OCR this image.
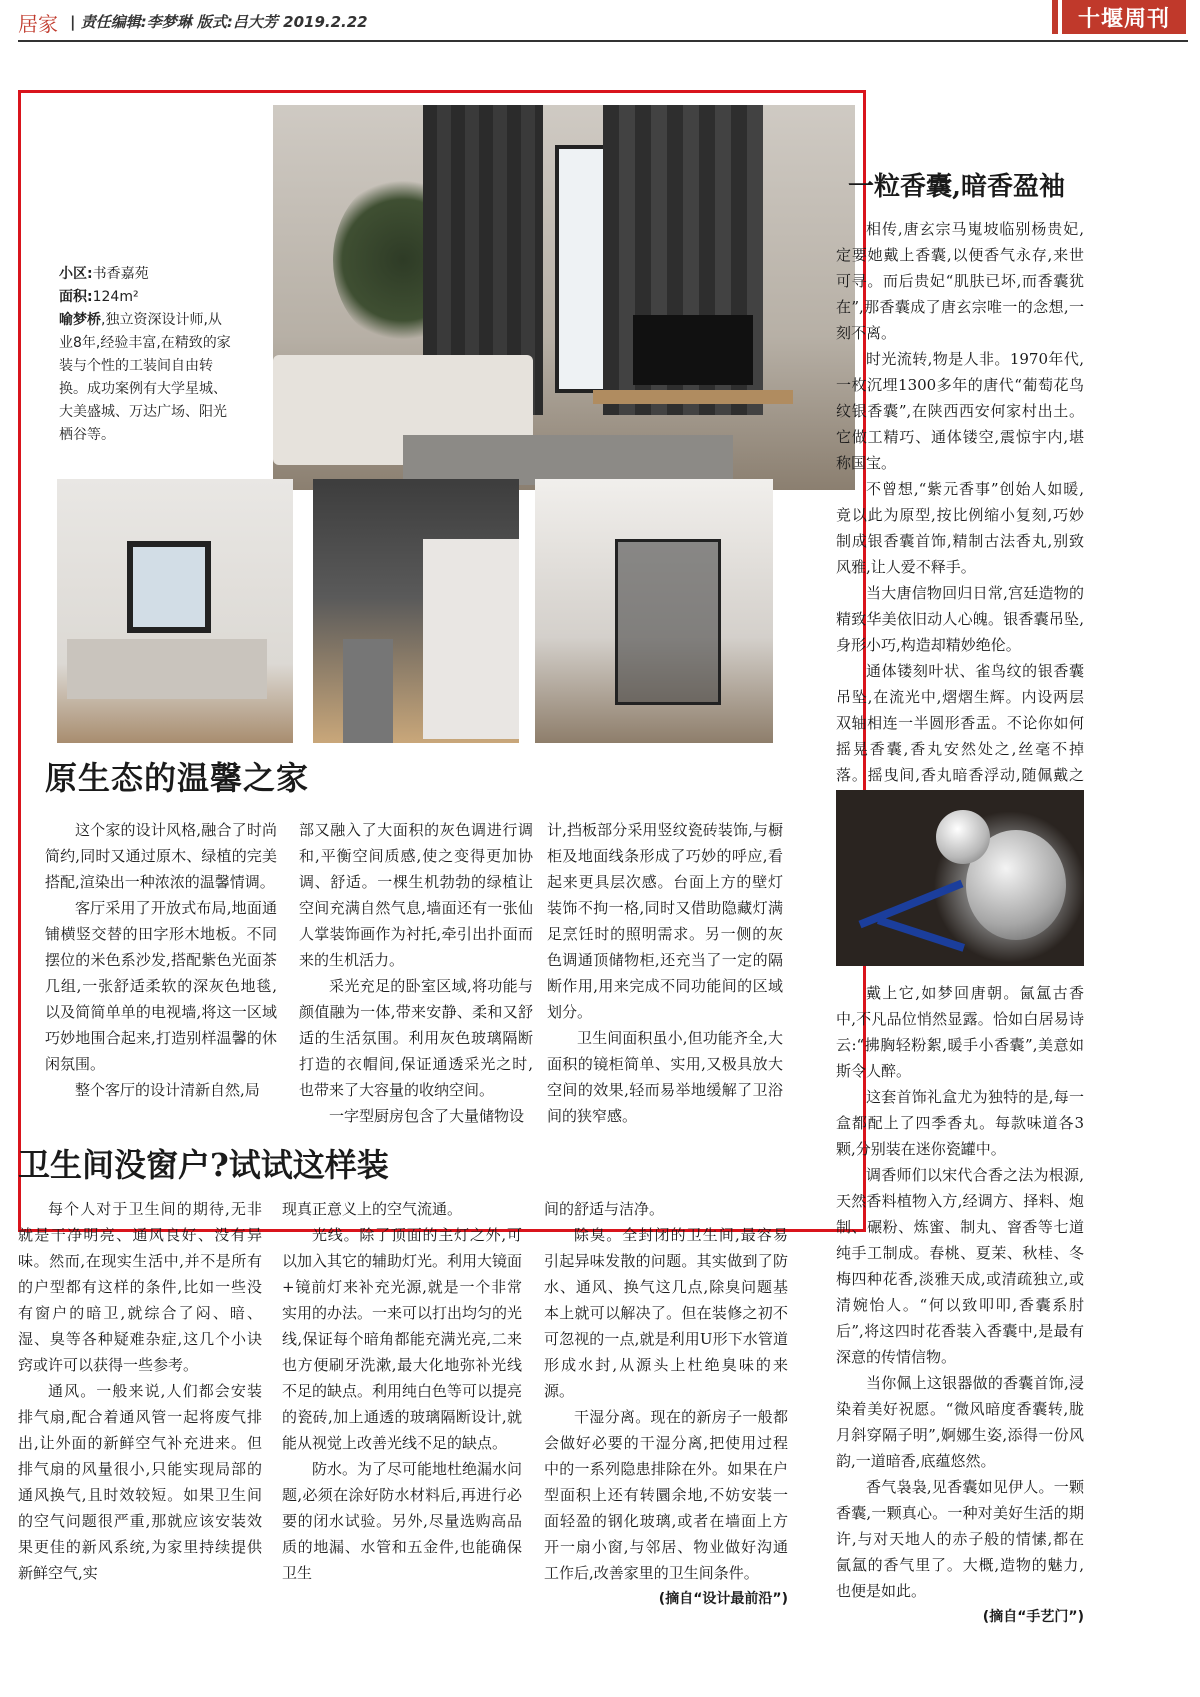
居家 | 责任编辑:李梦琳 版式:吕大芳 2019.2.22	十堰周刊
小区:书香嘉苑
面积:124m²
喻梦桥,独立资深设计师,从业8年,经验丰富,在精致的家装与个性的工装间自由转换。成功案例有大学星城、大美盛城、万达广场、阳光栖谷等。
原生态的温馨之家

这个家的设计风格,融合了时尚简约,同时又通过原木、绿植的完美搭配,渲染出一种浓浓的温馨情调。

客厅采用了开放式布局,地面通铺横竖交替的田字形木地板。不同摆位的米色系沙发,搭配紫色光面茶几组,一张舒适柔软的深灰色地毯,以及简简单单的电视墙,将这一区域巧妙地围合起来,打造别样温馨的休闲氛围。

整个客厅的设计清新自然,局

部又融入了大面积的灰色调进行调和,平衡空间质感,使之变得更加协调、舒适。一棵生机勃勃的绿植让空间充满自然气息,墙面还有一张仙人掌装饰画作为衬托,牵引出扑面而来的生机活力。

采光充足的卧室区域,将功能与颜值融为一体,带来安静、柔和又舒适的生活氛围。利用灰色玻璃隔断打造的衣帽间,保证通透采光之时,也带来了大容量的收纳空间。

一字型厨房包含了大量储物设

计,挡板部分采用竖纹瓷砖装饰,与橱柜及地面线条形成了巧妙的呼应,看起来更具层次感。台面上方的壁灯装饰不拘一格,同时又借助隐藏灯满足烹饪时的照明需求。另一侧的灰色调通顶储物柜,还充当了一定的隔断作用,用来完成不同功能间的区域划分。

卫生间面积虽小,但功能齐全,大面积的镜柜简单、实用,又极具放大空间的效果,轻而易举地缓解了卫浴间的狭窄感。

卫生间没窗户?试试这样装

每个人对于卫生间的期待,无非就是干净明亮、通风良好、没有异味。然而,在现实生活中,并不是所有的户型都有这样的条件,比如一些没有窗户的暗卫,就综合了闷、暗、湿、臭等各种疑难杂症,这几个小诀窍或许可以获得一些参考。

通风。一般来说,人们都会安装排气扇,配合着通风管一起将废气排出,让外面的新鲜空气补充进来。但排气扇的风量很小,只能实现局部的通风换气,且时效较短。如果卫生间的空气问题很严重,那就应该安装效果更佳的新风系统,为家里持续提供新鲜空气,实

现真正意义上的空气流通。

光线。除了顶面的主灯之外,可以加入其它的辅助灯光。利用大镜面+镜前灯来补充光源,就是一个非常实用的办法。一来可以打出均匀的光线,保证每个暗角都能充满光亮,二来也方便刷牙洗漱,最大化地弥补光线不足的缺点。利用纯白色等可以提亮的瓷砖,加上通透的玻璃隔断设计,就能从视觉上改善光线不足的缺点。

防水。为了尽可能地杜绝漏水问题,必须在涂好防水材料后,再进行必要的闭水试验。另外,尽量选购高品质的地漏、水管和五金件,也能确保卫生

间的舒适与洁净。

除臭。全封闭的卫生间,最容易引起异味发散的问题。其实做到了防水、通风、换气这几点,除臭问题基本上就可以解决了。但在装修之初不可忽视的一点,就是利用U形下水管道形成水封,从源头上杜绝臭味的来源。

干湿分离。现在的新房子一般都会做好必要的干湿分离,把使用过程中的一系列隐患排除在外。如果在户型面积上还有转圜余地,不妨安装一面轻盈的钢化玻璃,或者在墙面上方开一扇小窗,与邻居、物业做好沟通工作后,改善家里的卫生间条件。

(摘自“设计最前沿”)

一粒香囊,暗香盈袖

相传,唐玄宗马嵬坡临别杨贵妃,定要她戴上香囊,以便香气永存,来世可寻。而后贵妃“肌肤已坏,而香囊犹在”,那香囊成了唐玄宗唯一的念想,一刻不离。

时光流转,物是人非。1970年代,一枚沉埋1300多年的唐代“葡萄花鸟纹银香囊”,在陕西西安何家村出土。它做工精巧、通体镂空,震惊宇内,堪称国宝。

不曾想,“紫元香事”创始人如暖,竟以此为原型,按比例缩小复刻,巧妙制成银香囊首饰,精制古法香丸,别致风雅,让人爱不释手。

当大唐信物回归日常,宫廷造物的精致华美依旧动人心魄。银香囊吊坠,身形小巧,构造却精妙绝伦。

通体镂刻叶状、雀鸟纹的银香囊吊坠,在流光中,熠熠生辉。内设两层双轴相连一半圆形香盂。不论你如何摇晃香囊,香丸安然处之,丝毫不掉落。摇曳间,香丸暗香浮动,随佩戴之

戴上它,如梦回唐朝。氤氲古香中,不凡品位悄然显露。恰如白居易诗云:“拂胸轻粉絮,暖手小香囊”,美意如斯令人醉。

这套首饰礼盒尤为独特的是,每一盒都配上了四季香丸。每款味道各3颗,分别装在迷你瓷罐中。

调香师们以宋代合香之法为根源,天然香料植物入方,经调方、择料、炮制、碾粉、炼蜜、制丸、窨香等七道纯手工制成。春桃、夏茉、秋桂、冬梅四种花香,淡雅天成,或清疏独立,或清婉怡人。“何以致叩叩,香囊系肘后”,将这四时花香装入香囊中,是最有深意的传情信物。

当你佩上这银器做的香囊首饰,浸染着美好祝愿。“微风暗度香囊转,胧月斜穿隔子明”,婀娜生姿,添得一份风韵,一道暗香,底蕴悠然。

香气袅袅,见香囊如见伊人。一颗香囊,一颗真心。一种对美好生活的期许,与对天地人的赤子般的情愫,都在氤氲的香气里了。大概,造物的魅力,也便是如此。

(摘自“手艺门”)
